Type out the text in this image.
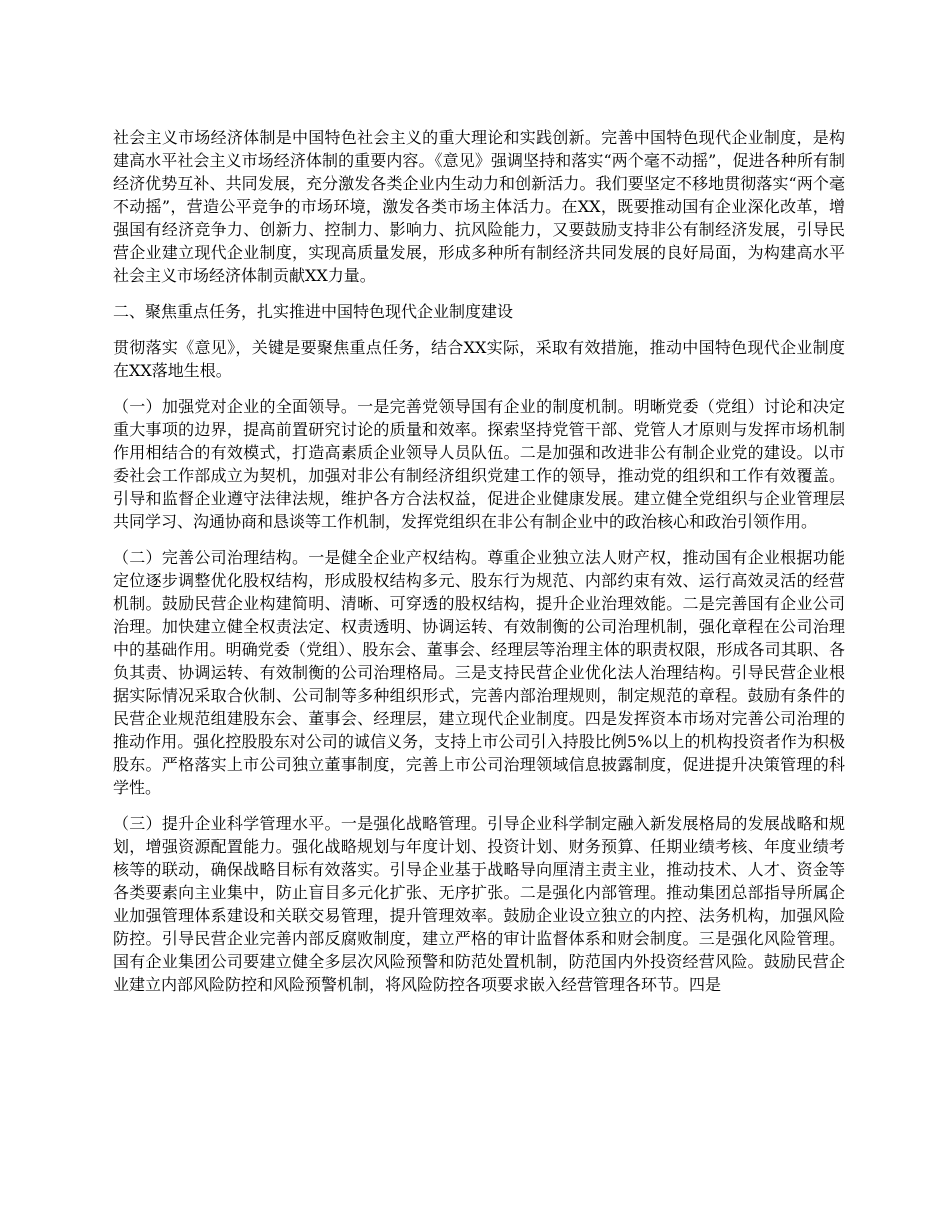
社会主义市场经济体制是中国特色社会主义的重大理论和实践创新。完善中国特色现代企业制度，是构建高水平社会主义市场经济体制的重要内容。《意见》强调坚持和落实“两个毫不动摇”，促进各种所有制经济优势互补、共同发展，充分激发各类企业内生动力和创新活力。我们要坚定不移地贯彻落实“两个毫不动摇”，营造公平竞争的市场环境，激发各类市场主体活力。在XX，既要推动国有企业深化改革，增强国有经济竞争力、创新力、控制力、影响力、抗风险能力，又要鼓励支持非公有制经济发展，引导民营企业建立现代企业制度，实现高质量发展，形成多种所有制经济共同发展的良好局面，为构建高水平社会主义市场经济体制贡献XX力量。

二、聚焦重点任务，扎实推进中国特色现代企业制度建设

贯彻落实《意见》，关键是要聚焦重点任务，结合XX实际，采取有效措施，推动中国特色现代企业制度在XX落地生根。

（一）加强党对企业的全面领导。一是完善党领导国有企业的制度机制。明晰党委（党组）讨论和决定重大事项的边界，提高前置研究讨论的质量和效率。探索坚持党管干部、党管人才原则与发挥市场机制作用相结合的有效模式，打造高素质企业领导人员队伍。二是加强和改进非公有制企业党的建设。以市委社会工作部成立为契机，加强对非公有制经济组织党建工作的领导，推动党的组织和工作有效覆盖。引导和监督企业遵守法律法规，维护各方合法权益，促进企业健康发展。建立健全党组织与企业管理层共同学习、沟通协商和恳谈等工作机制，发挥党组织在非公有制企业中的政治核心和政治引领作用。

（二）完善公司治理结构。一是健全企业产权结构。尊重企业独立法人财产权，推动国有企业根据功能定位逐步调整优化股权结构，形成股权结构多元、股东行为规范、内部约束有效、运行高效灵活的经营机制。鼓励民营企业构建简明、清晰、可穿透的股权结构，提升企业治理效能。二是完善国有企业公司治理。加快建立健全权责法定、权责透明、协调运转、有效制衡的公司治理机制，强化章程在公司治理中的基础作用。明确党委（党组）、股东会、董事会、经理层等治理主体的职责权限，形成各司其职、各负其责、协调运转、有效制衡的公司治理格局。三是支持民营企业优化法人治理结构。引导民营企业根据实际情况采取合伙制、公司制等多种组织形式，完善内部治理规则，制定规范的章程。鼓励有条件的民营企业规范组建股东会、董事会、经理层，建立现代企业制度。四是发挥资本市场对完善公司治理的推动作用。强化控股股东对公司的诚信义务，支持上市公司引入持股比例5%以上的机构投资者作为积极股东。严格落实上市公司独立董事制度，完善上市公司治理领域信息披露制度，促进提升决策管理的科学性。

（三）提升企业科学管理水平。一是强化战略管理。引导企业科学制定融入新发展格局的发展战略和规划，增强资源配置能力。强化战略规划与年度计划、投资计划、财务预算、任期业绩考核、年度业绩考核等的联动，确保战略目标有效落实。引导企业基于战略导向厘清主责主业，推动技术、人才、资金等各类要素向主业集中，防止盲目多元化扩张、无序扩张。二是强化内部管理。推动集团总部指导所属企业加强管理体系建设和关联交易管理，提升管理效率。鼓励企业设立独立的内控、法务机构，加强风险防控。引导民营企业完善内部反腐败制度，建立严格的审计监督体系和财会制度。三是强化风险管理。国有企业集团公司要建立健全多层次风险预警和防范处置机制，防范国内外投资经营风险。鼓励民营企业建立内部风险防控和风险预警机制，将风险防控各项要求嵌入经营管理各环节。四是
